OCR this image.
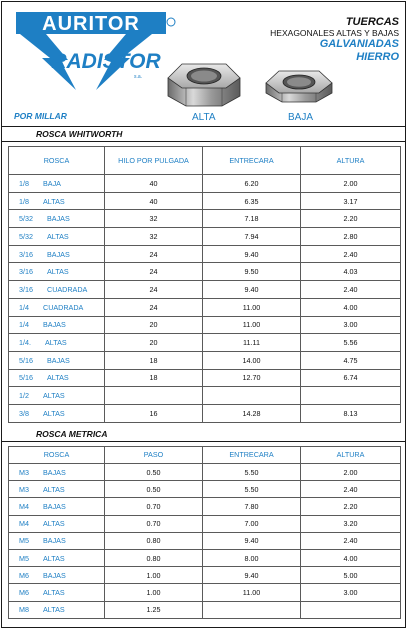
AURITOR
RADISTOR
s.a.
TUERCAS
HEXAGONALES ALTAS Y BAJAS
GALVANIADAS
HIERRO
ALTA	BAJA
POR MILLAR
ROSCA WHITWORTH
ROSCA	HILO POR PULGADA	ENTRECARA	ALTURA
1/8 BAJA	40	6.20	2.00
1/8 ALTAS	40	6.35	3.17
5/32 BAJAS	32	7.18	2.20
5/32 ALTAS	32	7.94	2.80
3/16 BAJAS	24	9.40	2.40
3/16 ALTAS	24	9.50	4.03
3/16 CUADRADA	24	9.40	2.40
1/4 CUADRADA	24	11.00	4.00
1/4 BAJAS	20	11.00	3.00
1/4. ALTAS	20	11.11	5.56
5/16 BAJAS	18	14.00	4.75
5/16 ALTAS	18	12.70	6.74
1/2 ALTAS			
3/8 ALTAS	16	14.28	8.13
ROSCA METRICA
ROSCA	PASO	ENTRECARA	ALTURA
M3 BAJAS	0.50	5.50	2.00
M3 ALTAS	0.50	5.50	2.40
M4 BAJAS	0.70	7.80	2.20
M4 ALTAS	0.70	7.00	3.20
M5 BAJAS	0.80	9.40	2.40
M5 ALTAS	0.80	8.00	4.00
M6 BAJAS	1.00	9.40	5.00
M6 ALTAS	1.00	11.00	3.00
M8 ALTAS	1.25		
